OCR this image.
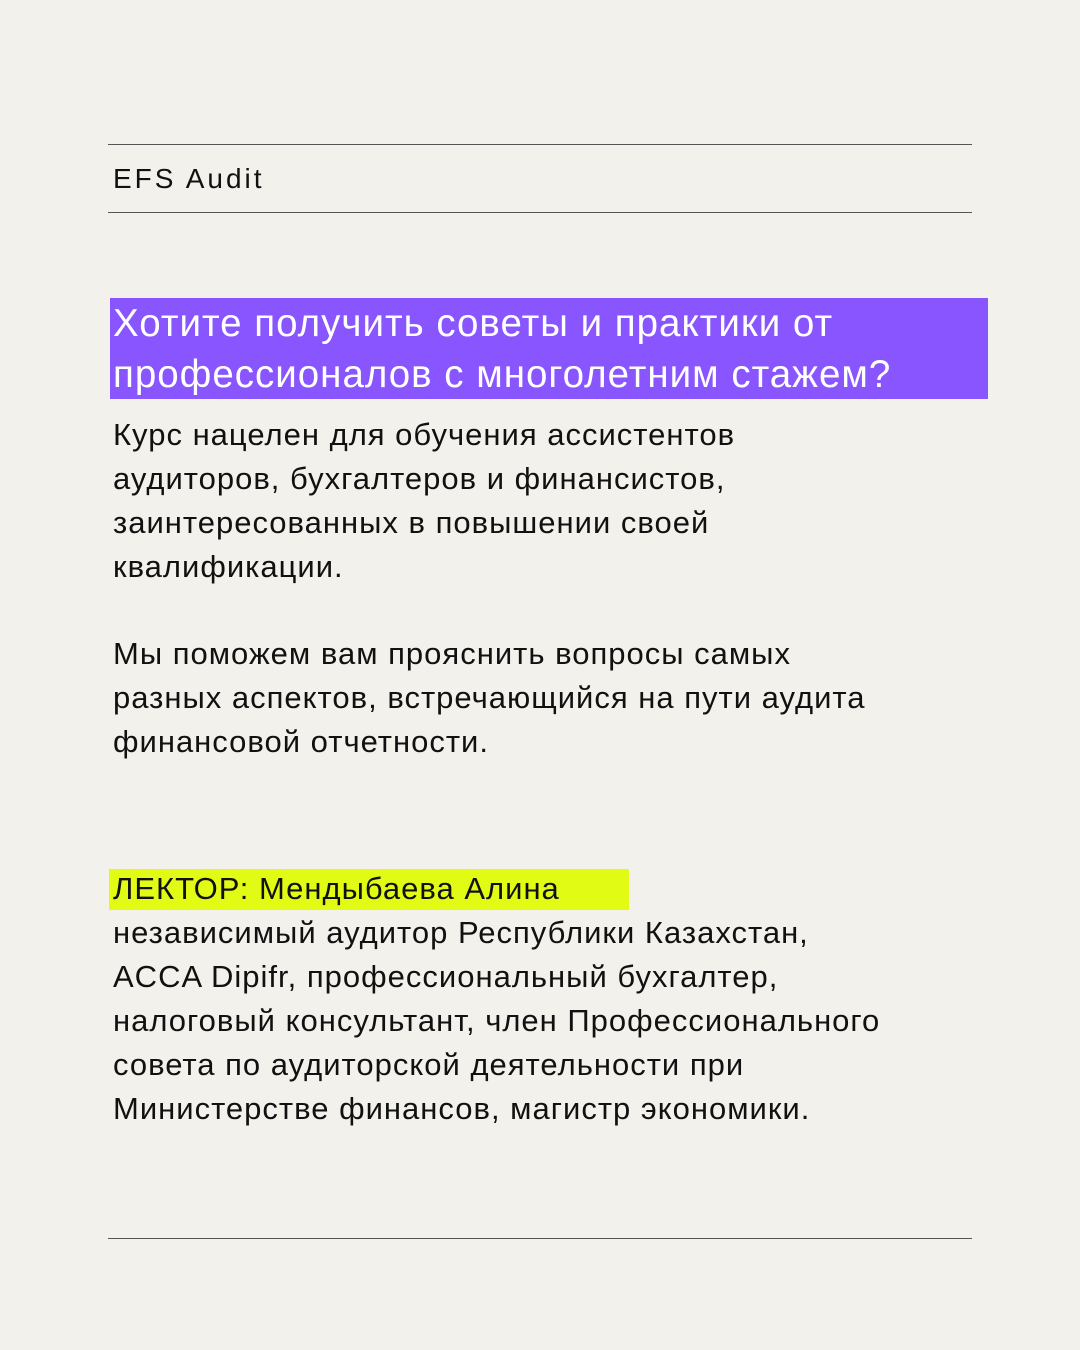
EFS Audit
Хотите получить советы и практики от
профессионалов с многолетним стажем?

Курс нацелен для обучения ассистентов
аудиторов, бухгалтеров и финансистов,
заинтересованных в повышении своей
квалификации.

Мы поможем вам прояснить вопросы самых
разных аспектов, встречающийся на пути аудита
финансовой отчетности.

ЛЕКТОР: Мендыбаева Алина

независимый аудитор Республики Казахстан,
ACCA Dipifr, профессиональный бухгалтер,
налоговый консультант, член Профессионального
совета по аудиторской деятельности при
Министерстве финансов, магистр экономики.
